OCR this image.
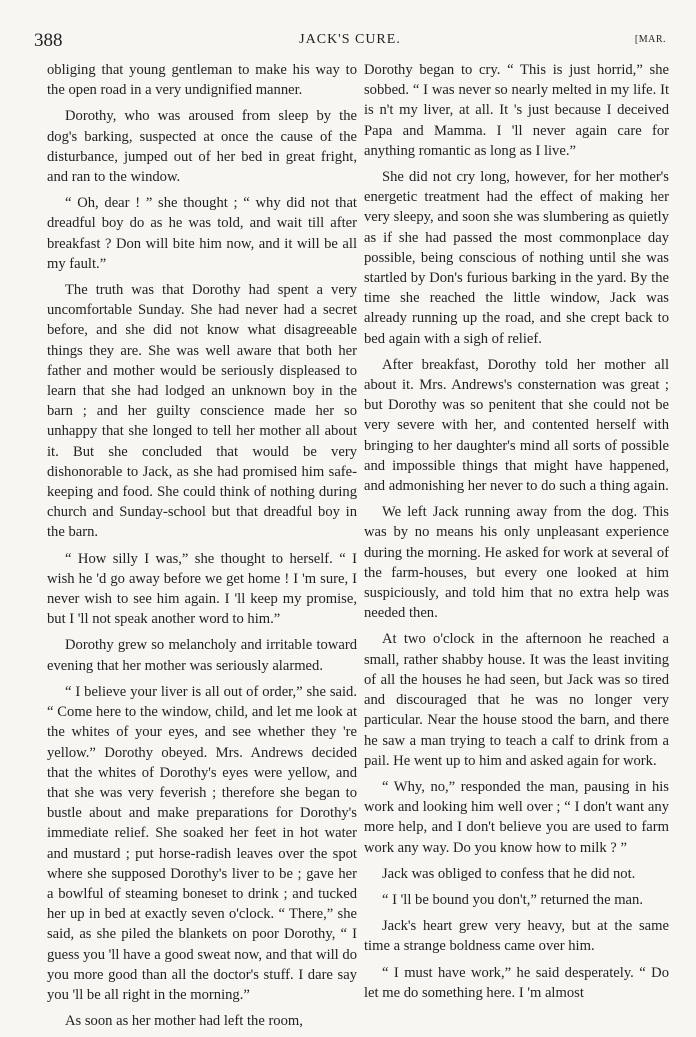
388	JACK'S CURE.	[MAR.

obliging that young gentleman to make his way to the open road in a very undignified manner.

Dorothy, who was aroused from sleep by the dog's barking, suspected at once the cause of the disturbance, jumped out of her bed in great fright, and ran to the window.

“ Oh, dear ! ” she thought ; “ why did not that dreadful boy do as he was told, and wait till after breakfast ? Don will bite him now, and it will be all my fault.”

The truth was that Dorothy had spent a very uncomfortable Sunday. She had never had a secret before, and she did not know what disagreeable things they are. She was well aware that both her father and mother would be seriously displeased to learn that she had lodged an unknown boy in the barn ; and her guilty conscience made her so unhappy that she longed to tell her mother all about it. But she concluded that would be very dishonorable to Jack, as she had promised him safe-keeping and food. She could think of nothing during church and Sunday-school but that dreadful boy in the barn.

“ How silly I was,” she thought to herself. “ I wish he 'd go away before we get home ! I 'm sure, I never wish to see him again. I 'll keep my promise, but I 'll not speak another word to him.”

Dorothy grew so melancholy and irritable toward evening that her mother was seriously alarmed.

“ I believe your liver is all out of order,” she said. “ Come here to the window, child, and let me look at the whites of your eyes, and see whether they 're yellow.” Dorothy obeyed. Mrs. Andrews decided that the whites of Dorothy's eyes were yellow, and that she was very feverish ; therefore she began to bustle about and make preparations for Dorothy's immediate relief. She soaked her feet in hot water and mustard ; put horse-radish leaves over the spot where she supposed Dorothy's liver to be ; gave her a bowlful of steaming boneset to drink ; and tucked her up in bed at exactly seven o'clock. “ There,” she said, as she piled the blankets on poor Dorothy, “ I guess you 'll have a good sweat now, and that will do you more good than all the doctor's stuff. I dare say you 'll be all right in the morning.”

As soon as her mother had left the room,

Dorothy began to cry. “ This is just horrid,” she sobbed. “ I was never so nearly melted in my life. It is n't my liver, at all. It 's just because I deceived Papa and Mamma. I 'll never again care for anything romantic as long as I live.”

She did not cry long, however, for her mother's energetic treatment had the effect of making her very sleepy, and soon she was slumbering as quietly as if she had passed the most commonplace day possible, being conscious of nothing until she was startled by Don's furious barking in the yard. By the time she reached the little window, Jack was already running up the road, and she crept back to bed again with a sigh of relief.

After breakfast, Dorothy told her mother all about it. Mrs. Andrews's consternation was great ; but Dorothy was so penitent that she could not be very severe with her, and contented herself with bringing to her daughter's mind all sorts of possible and impossible things that might have happened, and admonishing her never to do such a thing again.

We left Jack running away from the dog. This was by no means his only unpleasant experience during the morning. He asked for work at several of the farm-houses, but every one looked at him suspiciously, and told him that no extra help was needed then.

At two o'clock in the afternoon he reached a small, rather shabby house. It was the least inviting of all the houses he had seen, but Jack was so tired and discouraged that he was no longer very particular. Near the house stood the barn, and there he saw a man trying to teach a calf to drink from a pail. He went up to him and asked again for work.

“ Why, no,” responded the man, pausing in his work and looking him well over ; “ I don't want any more help, and I don't believe you are used to farm work any way. Do you know how to milk ? ”

Jack was obliged to confess that he did not.

“ I 'll be bound you don't,” returned the man.

Jack's heart grew very heavy, but at the same time a strange boldness came over him.

“ I must have work,” he said desperately. “ Do let me do something here. I 'm almost
